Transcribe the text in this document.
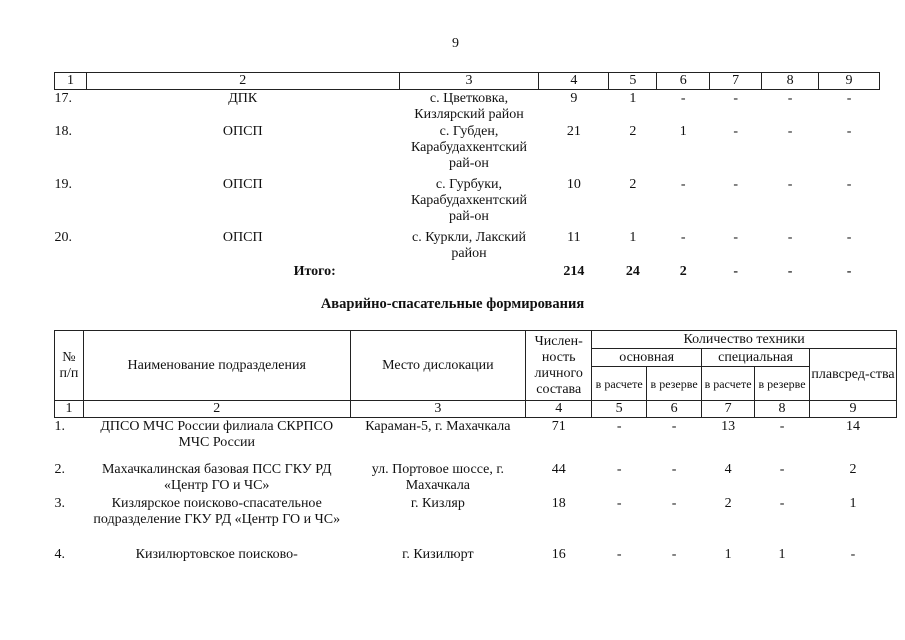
9
1	2	3	4	5	6	7	8	9
17.	ДПК	с. Цветковка, Кизлярский район	9	1	-	-	-	-
18.	ОПСП	с. Губден, Карабудахкентский рай-он	21	2	1	-	-	-
19.	ОПСП	с. Гурбуки, Карабудахкентский рай-он	10	2	-	-	-	-
20.	ОПСП	с. Куркли, Лакский район	11	1	-	-	-	-
Итого:			214	24	2	-	-	-
Аварийно-спасательные формирования
№ п/п	Наименование подразделения	Место дислокации	Числен-ность личного состава	Количество техники				
				основная		специальная		плавсред-ства
				в расчете	в резерве	в расчете	в резерве	
1	2	3	4	5	6	7	8	9
1.	ДПСО МЧС России филиала СКРПСО МЧС России	Караман-5, г. Махачкала	71	-	-	13	-	14
2.	Махачкалинская базовая ПСС ГКУ РД «Центр ГО и ЧС»	ул. Портовое шоссе, г. Махачкала	44	-	-	4	-	2
3.	Кизлярское поисково-спасательное подразделение ГКУ РД «Центр ГО и ЧС»	г. Кизляр	18	-	-	2	-	1
4.	Кизилюртовское поисково-	г. Кизилюрт	16	-	-	1	1	-
